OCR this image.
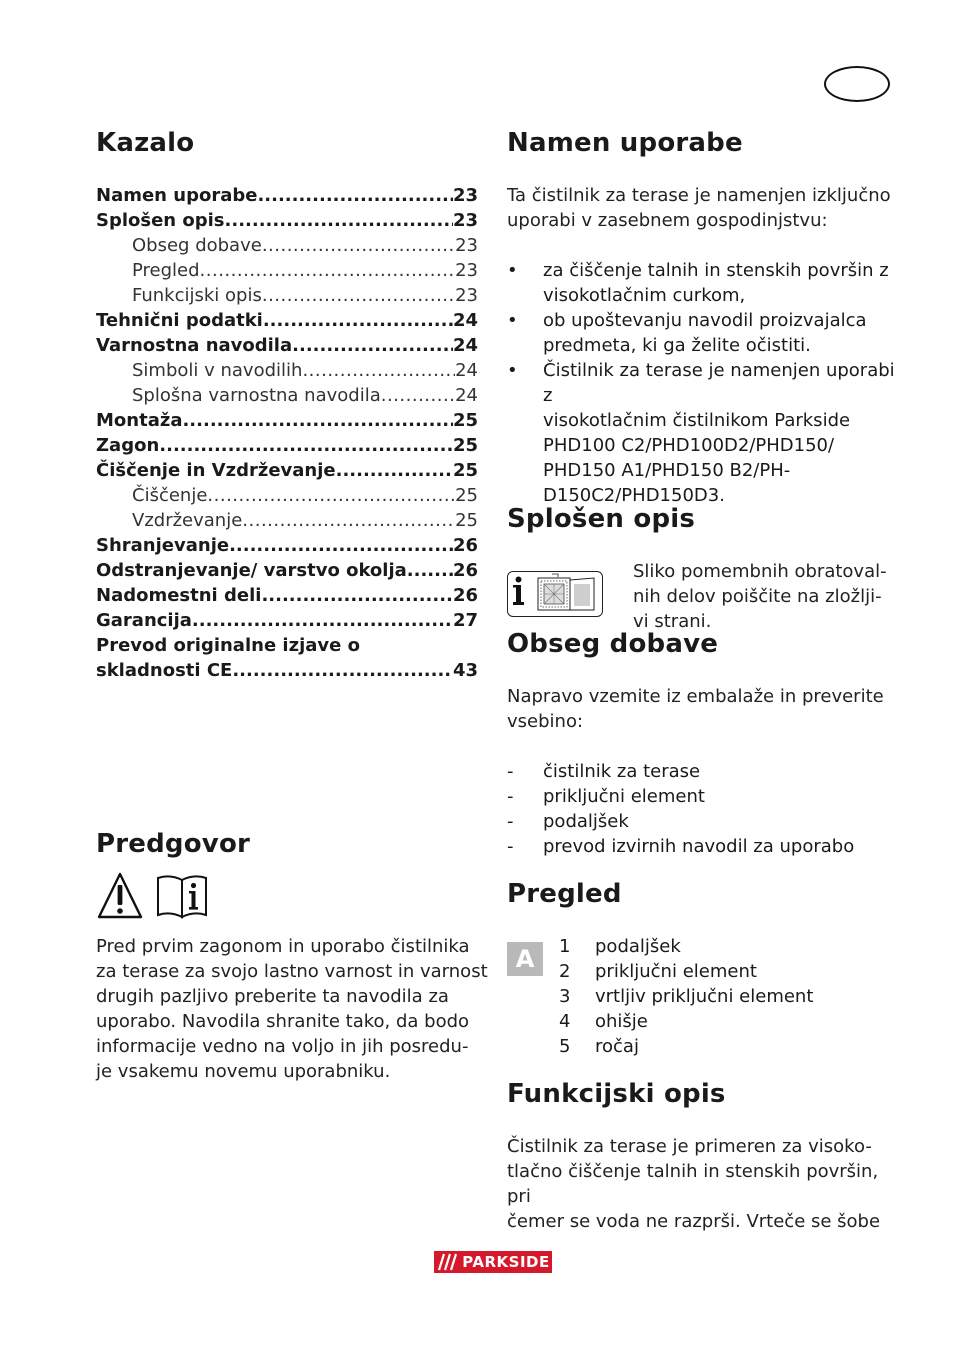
Kazalo
Namen uporabe .....	23
Splošen opis .....	23
Obseg dobave .....	23
Pregled .....	23
Funkcijski opis .....	23
Tehnični podatki .....	24
Varnostna navodila .....	24
Simboli v navodilih .....	24
Splošna varnostna navodila .....	24
Montaža .....	25
Zagon .....	25
Čiščenje in Vzdrževanje .....	25
Čiščenje .....	25
Vzdrževanje .....	25
Shranjevanje .....	26
Odstranjevanje/ varstvo okolja .....	26
Nadomestni deli .....	26
Garancija .....	27
Prevod originalne izjave o
skladnosti CE .....	43
Predgovor
Pred prvim zagonom in uporabo čistilnika
za terase za svojo lastno varnost in varnost
drugih pazljivo preberite ta navodila za
uporabo. Navodila shranite tako, da bodo
informacije vedno na voljo in jih posredu-
je vsakemu novemu uporabniku.
Namen uporabe
Ta čistilnik za terase je namenjen izključno
uporabi v zasebnem gospodinjstvu:
•	za čiščenje talnih in stenskih površin z
visokotlačnim curkom,
•	ob upoštevanju navodil proizvajalca
predmeta, ki ga želite očistiti.
•	Čistilnik za terase je namenjen uporabi z
visokotlačnim čistilnikom Parkside
PHD100 C2/PHD100D2/PHD150/
PHD150 A1/PHD150 B2/PH-
D150C2/PHD150D3.
Splošen opis
Sliko pomembnih obratoval-
nih delov poiščite na zložlji-
vi strani.
Obseg dobave
Napravo vzemite iz embalaže in preverite
vsebino:
-	čistilnik za terase
-	priključni element
-	podaljšek
-	prevod izvirnih navodil za uporabo
Pregled
A	1	podaljšek
2	priključni element
3	vrtljiv priključni element
4	ohišje
5	ročaj
Funkcijski opis
Čistilnik za terase je primeren za visoko-
tlačno čiščenje talnih in stenskih površin, pri
čemer se voda ne razprši. Vrteče se šobe
PARKSIDE
